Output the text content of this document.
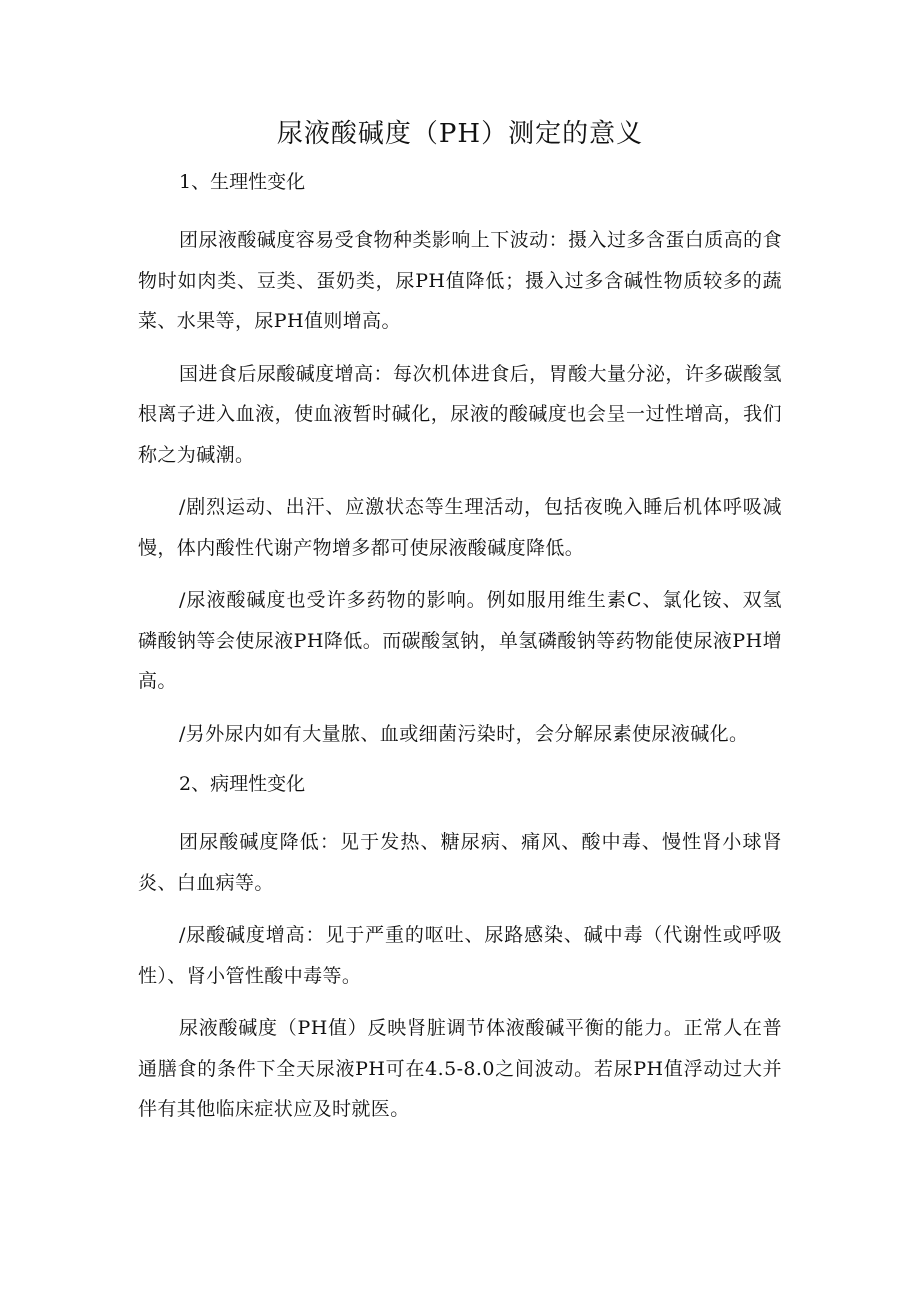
尿液酸碱度（PH）测定的意义
1、生理性变化

团尿液酸碱度容易受食物种类影响上下波动：摄入过多含蛋白质高的食物时如肉类、豆类、蛋奶类，尿PH值降低；摄入过多含碱性物质较多的蔬菜、水果等，尿PH值则增高。

国进食后尿酸碱度增高：每次机体进食后，胃酸大量分泌，许多碳酸氢根离子进入血液，使血液暂时碱化，尿液的酸碱度也会呈一过性增高，我们称之为碱潮。

/剧烈运动、出汗、应激状态等生理活动，包括夜晚入睡后机体呼吸减慢，体内酸性代谢产物增多都可使尿液酸碱度降低。

/尿液酸碱度也受许多药物的影响。例如服用维生素C、氯化铵、双氢磷酸钠等会使尿液PH降低。而碳酸氢钠，单氢磷酸钠等药物能使尿液PH增高。

/另外尿内如有大量脓、血或细菌污染时，会分解尿素使尿液碱化。

2、病理性变化

团尿酸碱度降低：见于发热、糖尿病、痛风、酸中毒、慢性肾小球肾炎、白血病等。

/尿酸碱度增高：见于严重的呕吐、尿路感染、碱中毒（代谢性或呼吸性）、肾小管性酸中毒等。

尿液酸碱度（PH值）反映肾脏调节体液酸碱平衡的能力。正常人在普通膳食的条件下全天尿液PH可在4.5-8.0之间波动。若尿PH值浮动过大并伴有其他临床症状应及时就医。
